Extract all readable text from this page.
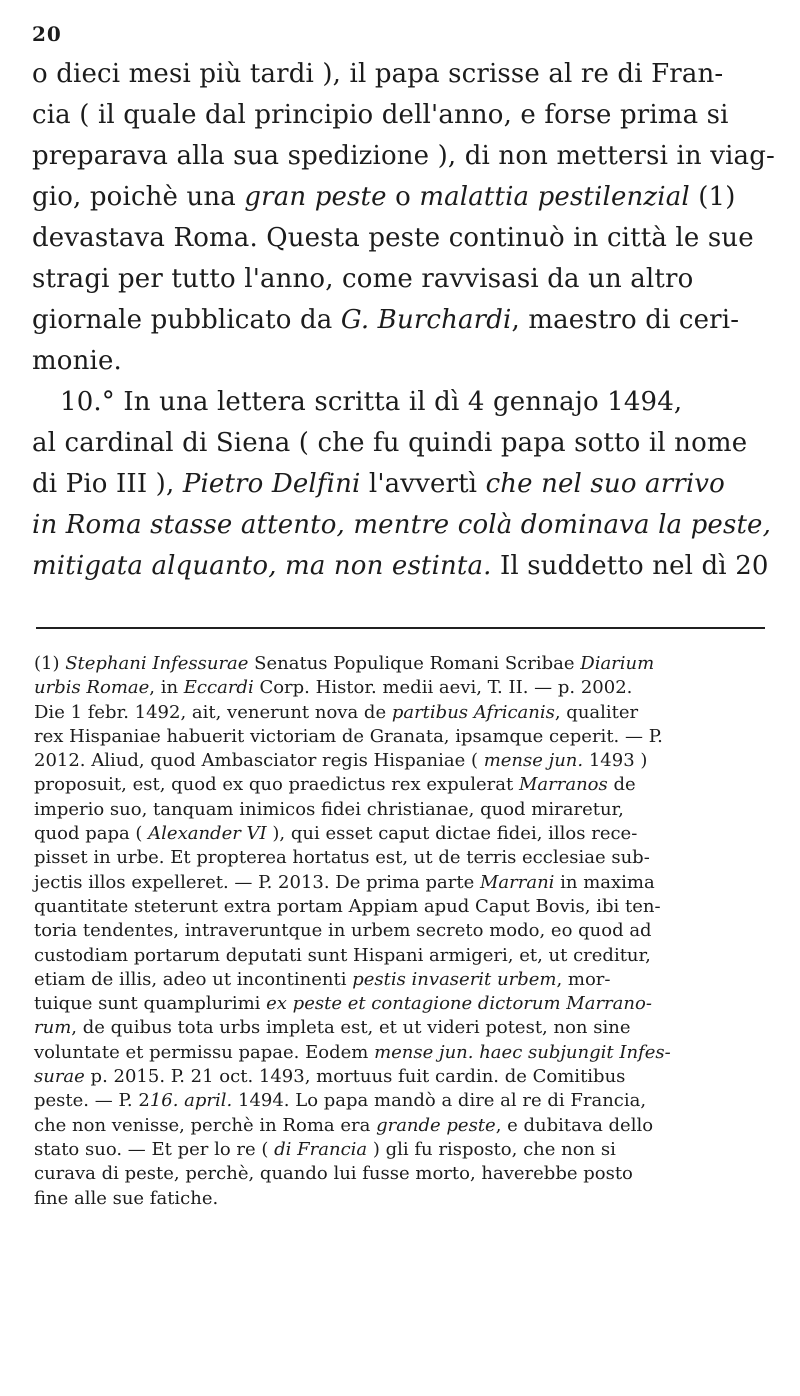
20
o dieci mesi più tardi ), il papa scrisse al re di Fran-
cia ( il quale dal principio dell'anno, e forse prima si
preparava alla sua spedizione ), di non mettersi in viag-
gio, poichè una gran peste o malattia pestilenzial (1)
devastava Roma. Questa peste continuò in città le sue
stragi per tutto l'anno, come ravvisasi da un altro
giornale pubblicato da G. Burchardi, maestro di ceri-
monie.
10.° In una lettera scritta il dì 4 gennajo 1494,
al cardinal di Siena ( che fu quindi papa sotto il nome
di Pio III ), Pietro Delfini l'avvertì che nel suo arrivo
in Roma stasse attento, mentre colà dominava la peste,
mitigata alquanto, ma non estinta. Il suddetto nel dì 20
(1) Stephani Infessurae Senatus Populique Romani Scribae Diarium
urbis Romae, in Eccardi Corp. Histor. medii aevi, T. II. — p. 2002.
Die 1 febr. 1492, ait, venerunt nova de partibus Africanis, qualiter
rex Hispaniae habuerit victoriam de Granata, ipsamque ceperit. — P.
2012. Aliud, quod Ambasciator regis Hispaniae ( mense jun. 1493 )
proposuit, est, quod ex quo praedictus rex expulerat Marranos de
imperio suo, tanquam inimicos fidei christianae, quod miraretur,
quod papa ( Alexander VI ), qui esset caput dictae fidei, illos rece-
pisset in urbe. Et propterea hortatus est, ut de terris ecclesiae sub-
jectis illos expelleret. — P. 2013. De prima parte Marrani in maxima
quantitate steterunt extra portam Appiam apud Caput Bovis, ibi ten-
toria tendentes, intraveruntque in urbem secreto modo, eo quod ad
custodiam portarum deputati sunt Hispani armigeri, et, ut creditur,
etiam de illis, adeo ut incontinenti pestis invaserit urbem, mor-
tuique sunt quamplurimi ex peste et contagione dictorum Marrano-
rum, de quibus tota urbs impleta est, et ut videri potest, non sine
voluntate et permissu papae. Eodem mense jun. haec subjungit Infes-
surae p. 2015. P. 21 oct. 1493, mortuus fuit cardin. de Comitibus
peste. — P. 216. april. 1494. Lo papa mandò a dire al re di Francia,
che non venisse, perchè in Roma era grande peste, e dubitava dello
stato suo. — Et per lo re ( di Francia ) gli fu risposto, che non si
curava di peste, perchè, quando lui fusse morto, haverebbe posto
fine alle sue fatiche.
